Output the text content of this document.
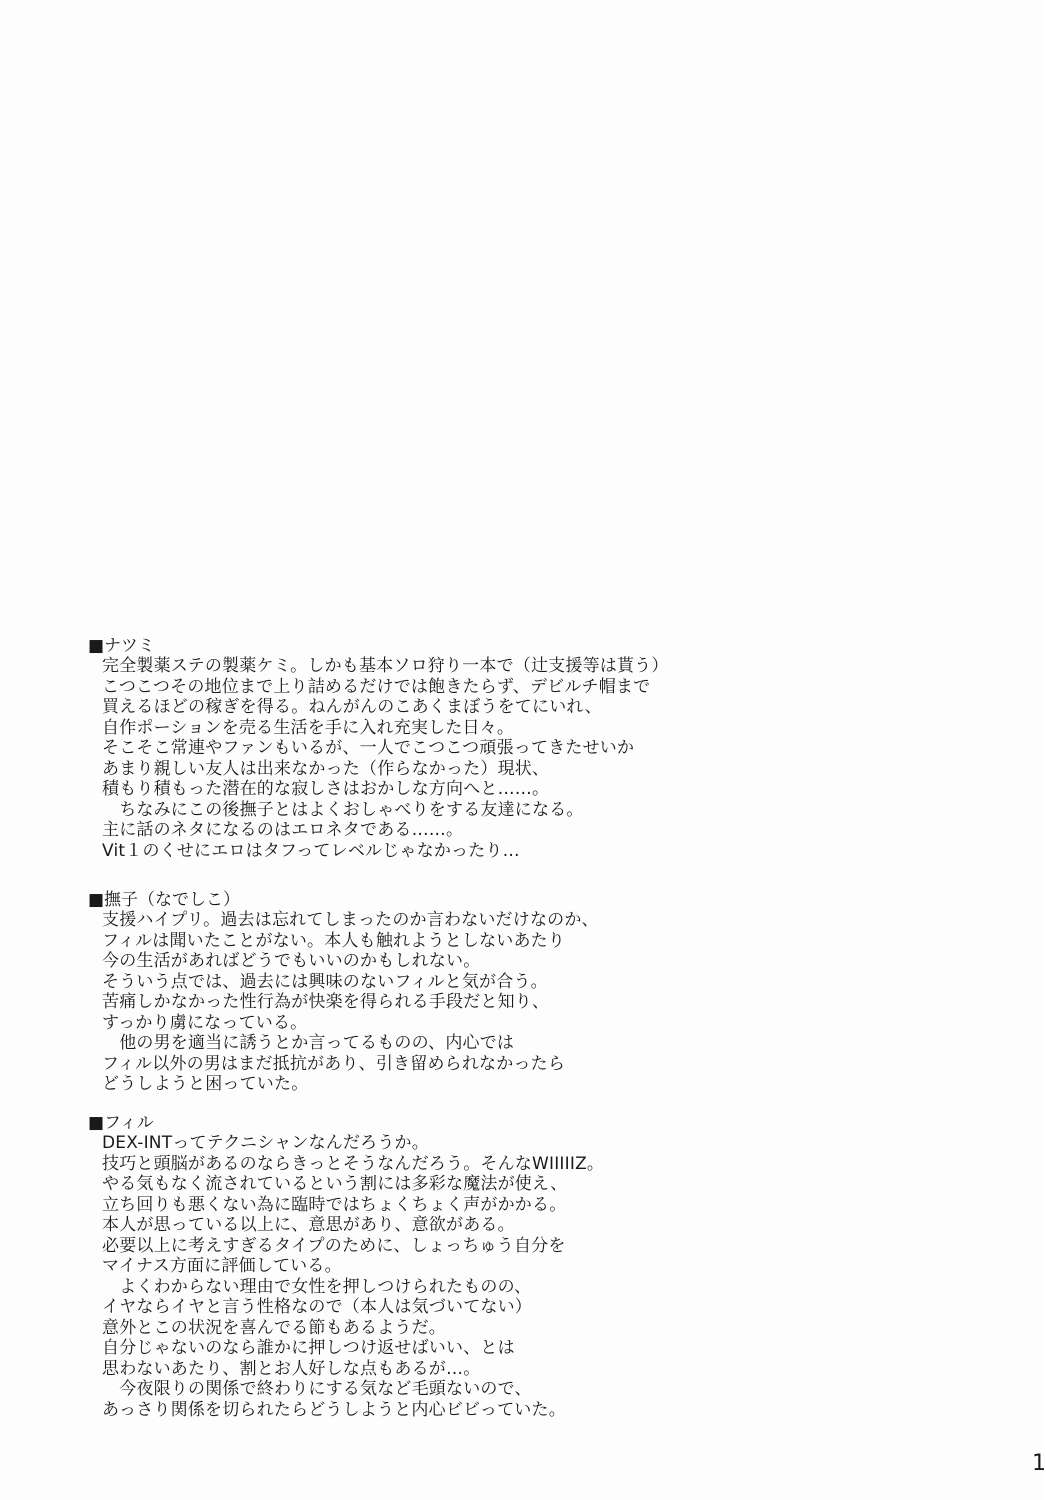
■ナツミ
完全製薬ステの製薬ケミ。しかも基本ソロ狩り一本で（辻支援等は貰う）
こつこつその地位まで上り詰めるだけでは飽きたらず、デビルチ帽まで
買えるほどの稼ぎを得る。ねんがんのこあくまぼうをてにいれ、
自作ポーションを売る生活を手に入れ充実した日々。
そこそこ常連やファンもいるが、一人でこつこつ頑張ってきたせいか
あまり親しい友人は出来なかった（作らなかった）現状、
積もり積もった潜在的な寂しさはおかしな方向へと……。
　ちなみにこの後撫子とはよくおしゃべりをする友達になる。
主に話のネタになるのはエロネタである……。
Vit１のくせにエロはタフってレベルじゃなかったり…
■撫子（なでしこ）
支援ハイプリ。過去は忘れてしまったのか言わないだけなのか、
フィルは聞いたことがない。本人も触れようとしないあたり
今の生活があればどうでもいいのかもしれない。
そういう点では、過去には興味のないフィルと気が合う。
苦痛しかなかった性行為が快楽を得られる手段だと知り、
すっかり虜になっている。
　他の男を適当に誘うとか言ってるものの、内心では
フィル以外の男はまだ抵抗があり、引き留められなかったら
どうしようと困っていた。
■フィル
DEX-INTってテクニシャンなんだろうか。
技巧と頭脳があるのならきっとそうなんだろう。そんなWIIIIIZ。
やる気もなく流されているという割には多彩な魔法が使え、
立ち回りも悪くない為に臨時ではちょくちょく声がかかる。
本人が思っている以上に、意思があり、意欲がある。
必要以上に考えすぎるタイプのために、しょっちゅう自分を
マイナス方面に評価している。
　よくわからない理由で女性を押しつけられたものの、
イヤならイヤと言う性格なので（本人は気づいてない）
意外とこの状況を喜んでる節もあるようだ。
自分じゃないのなら誰かに押しつけ返せばいい、とは
思わないあたり、割とお人好しな点もあるが…。
　今夜限りの関係で終わりにする気など毛頭ないので、
あっさり関係を切られたらどうしようと内心ビビっていた。
1
